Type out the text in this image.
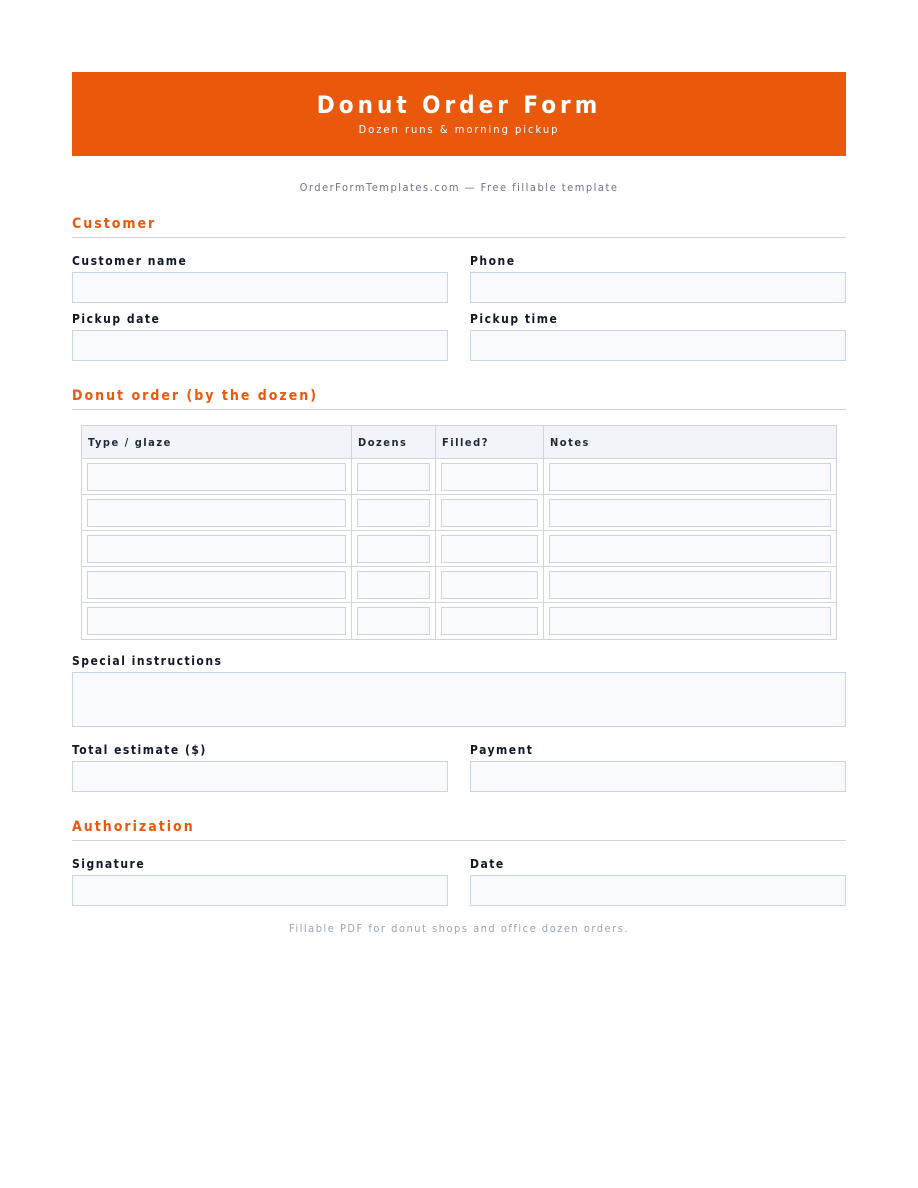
Donut Order Form
Dozen runs & morning pickup
OrderFormTemplates.com — Free fillable template
Customer
Customer name	Phone
Pickup date	Pickup time
Donut order (by the dozen)
Type / glaze	Dozens	Filled?	Notes

Special instructions
Total estimate ($)	Payment
Authorization
Signature	Date
Fillable PDF for donut shops and office dozen orders.
